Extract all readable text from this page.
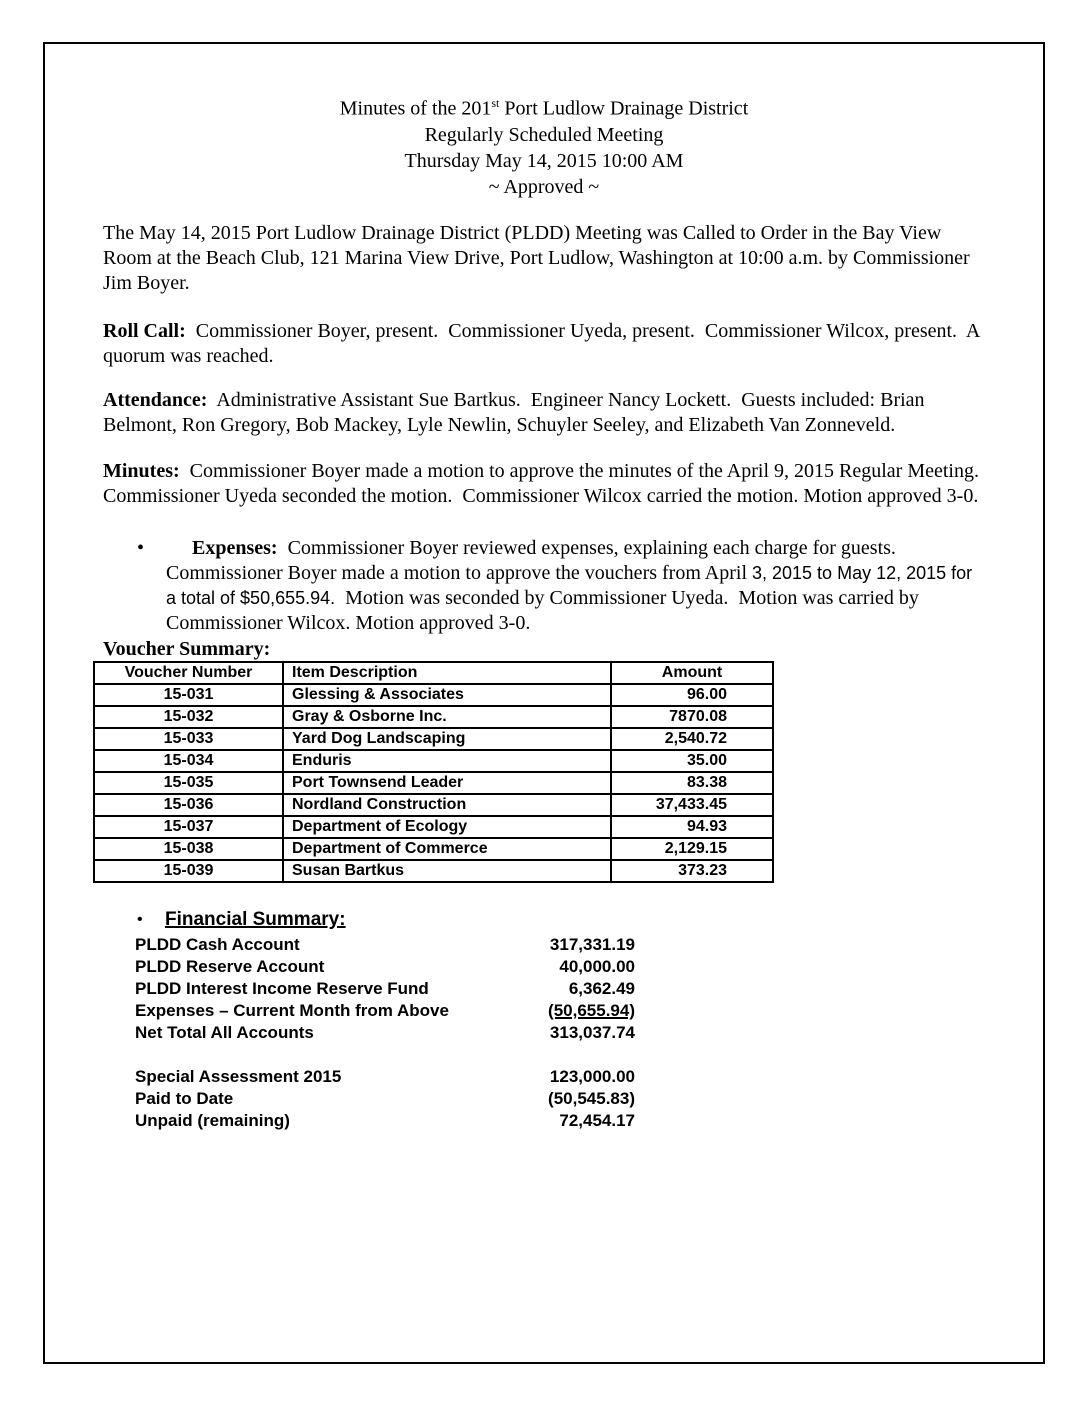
Minutes of the 201st Port Ludlow Drainage District
Regularly Scheduled Meeting
Thursday May 14, 2015 10:00 AM
~ Approved ~

The May 14, 2015 Port Ludlow Drainage District (PLDD) Meeting was Called to Order in the Bay View Room at the Beach Club, 121 Marina View Drive, Port Ludlow, Washington at 10:00 a.m. by Commissioner Jim Boyer.

Roll Call:  Commissioner Boyer, present.  Commissioner Uyeda, present.  Commissioner Wilcox, present.  A quorum was reached.

Attendance:  Administrative Assistant Sue Bartkus.  Engineer Nancy Lockett.  Guests included: Brian Belmont, Ron Gregory, Bob Mackey, Lyle Newlin, Schuyler Seeley, and Elizabeth Van Zonneveld.

Minutes:  Commissioner Boyer made a motion to approve the minutes of the April 9, 2015 Regular Meeting.  Commissioner Uyeda seconded the motion.  Commissioner Wilcox carried the motion. Motion approved 3-0.

•	Expenses:  Commissioner Boyer reviewed expenses, explaining each charge for guests. Commissioner Boyer made a motion to approve the vouchers from April 3, 2015 to May 12, 2015 for a total of $50,655.94.  Motion was seconded by Commissioner Uyeda.  Motion was carried by Commissioner Wilcox. Motion approved 3-0.
Voucher Summary:
Voucher Number	Item Description	Amount
15-031	Glessing & Associates	96.00
15-032	Gray & Osborne Inc.	7870.08
15-033	Yard Dog Landscaping	2,540.72
15-034	Enduris	35.00
15-035	Port Townsend Leader	83.38
15-036	Nordland Construction	37,433.45
15-037	Department of Ecology	94.93
15-038	Department of Commerce	2,129.15
15-039	Susan Bartkus	373.23
• Financial Summary:
PLDD Cash Account	317,331.19
PLDD Reserve Account	40,000.00
PLDD Interest Income Reserve Fund	6,362.49
Expenses – Current Month from Above	(50,655.94)
Net Total All Accounts	313,037.74
Special Assessment 2015	123,000.00
Paid to Date	(50,545.83)
Unpaid (remaining)	72,454.17
